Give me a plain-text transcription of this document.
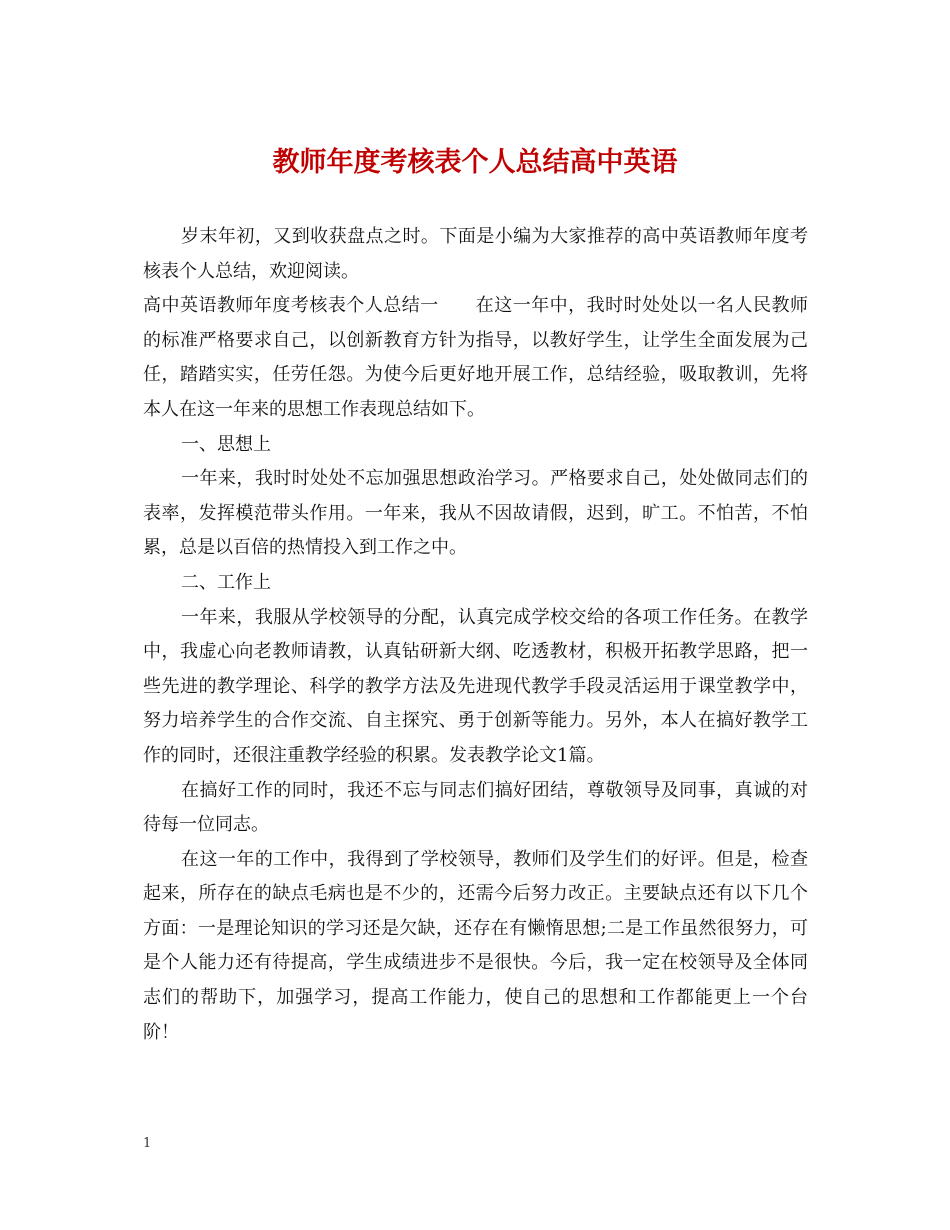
教师年度考核表个人总结高中英语

岁末年初，又到收获盘点之时。下面是小编为大家推荐的高中英语教师年度考核表个人总结，欢迎阅读。

高中英语教师年度考核表个人总结一　　在这一年中，我时时处处以一名人民教师的标准严格要求自己，以创新教育方针为指导，以教好学生，让学生全面发展为己任，踏踏实实，任劳任怨。为使今后更好地开展工作，总结经验，吸取教训，先将本人在这一年来的思想工作表现总结如下。

一、思想上

一年来，我时时处处不忘加强思想政治学习。严格要求自己，处处做同志们的表率，发挥模范带头作用。一年来，我从不因故请假，迟到，旷工。不怕苦，不怕累，总是以百倍的热情投入到工作之中。

二、工作上

一年来，我服从学校领导的分配，认真完成学校交给的各项工作任务。在教学中，我虚心向老教师请教，认真钻研新大纲、吃透教材，积极开拓教学思路，把一些先进的教学理论、科学的教学方法及先进现代教学手段灵活运用于课堂教学中，努力培养学生的合作交流、自主探究、勇于创新等能力。另外，本人在搞好教学工作的同时，还很注重教学经验的积累。发表教学论文1篇。

在搞好工作的同时，我还不忘与同志们搞好团结，尊敬领导及同事，真诚的对待每一位同志。

在这一年的工作中，我得到了学校领导，教师们及学生们的好评。但是，检查起来，所存在的缺点毛病也是不少的，还需今后努力改正。主要缺点还有以下几个方面：一是理论知识的学习还是欠缺，还存在有懒惰思想;二是工作虽然很努力，可是个人能力还有待提高，学生成绩进步不是很快。今后，我一定在校领导及全体同志们的帮助下，加强学习，提高工作能力，使自己的思想和工作都能更上一个台阶！

1
